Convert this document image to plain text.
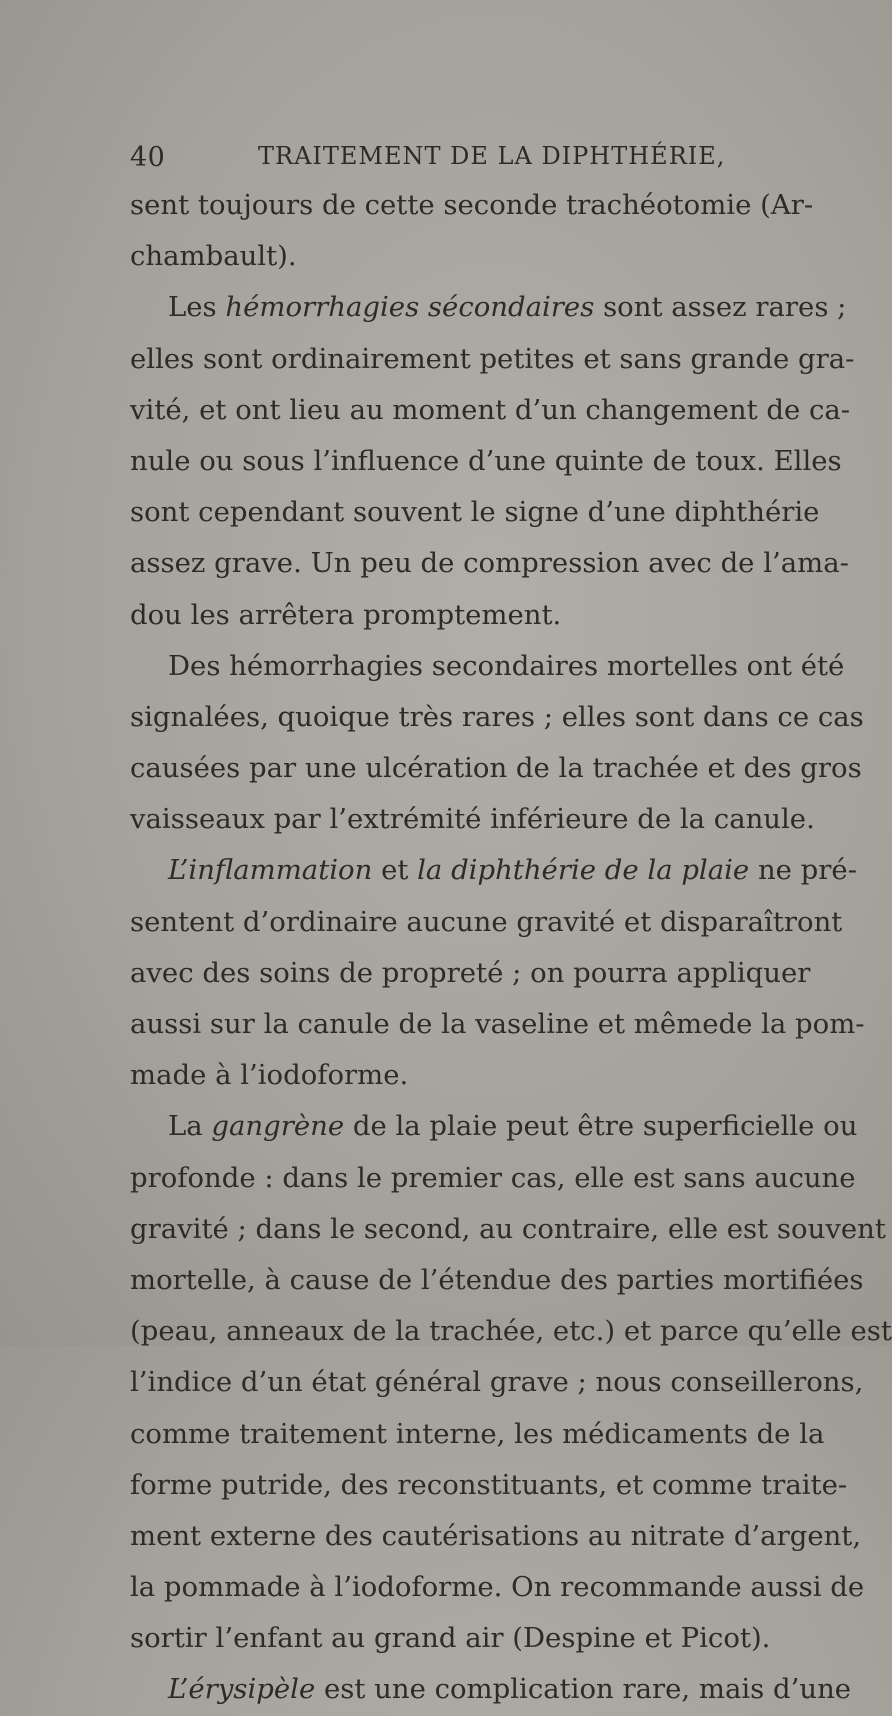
40	TRAITEMENT DE LA DIPHTHÉRIE,
sent toujours de cette seconde trachéotomie (Ar-
chambault).
Les hémorrhagies sécondaires sont assez rares ;
elles sont ordinairement petites et sans grande gra-
vité, et ont lieu au moment d’un changement de ca-
nule ou sous l’influence d’une quinte de toux. Elles
sont cependant souvent le signe d’une diphthérie
assez grave. Un peu de compression avec de l’ama-
dou les arrêtera promptement.
Des hémorrhagies secondaires mortelles ont été
signalées, quoique très rares ; elles sont dans ce cas
causées par une ulcération de la trachée et des gros
vaisseaux par l’extrémité inférieure de la canule.
L’inflammation et la diphthérie de la plaie ne pré-
sentent d’ordinaire aucune gravité et disparaîtront
avec des soins de propreté ; on pourra appliquer
aussi sur la canule de la vaseline et mêmede la pom-
made à l’iodoforme.
La gangrène de la plaie peut être superficielle ou
profonde : dans le premier cas, elle est sans aucune
gravité ; dans le second, au contraire, elle est souvent
mortelle, à cause de l’étendue des parties mortifiées
(peau, anneaux de la trachée, etc.) et parce qu’elle est
l’indice d’un état général grave ; nous conseillerons,
comme traitement interne, les médicaments de la
forme putride, des reconstituants, et comme traite-
ment externe des cautérisations au nitrate d’argent,
la pommade à l’iodoforme. On recommande aussi de
sortir l’enfant au grand air (Despine et Picot).
L’érysipèle est une complication rare, mais d’une
